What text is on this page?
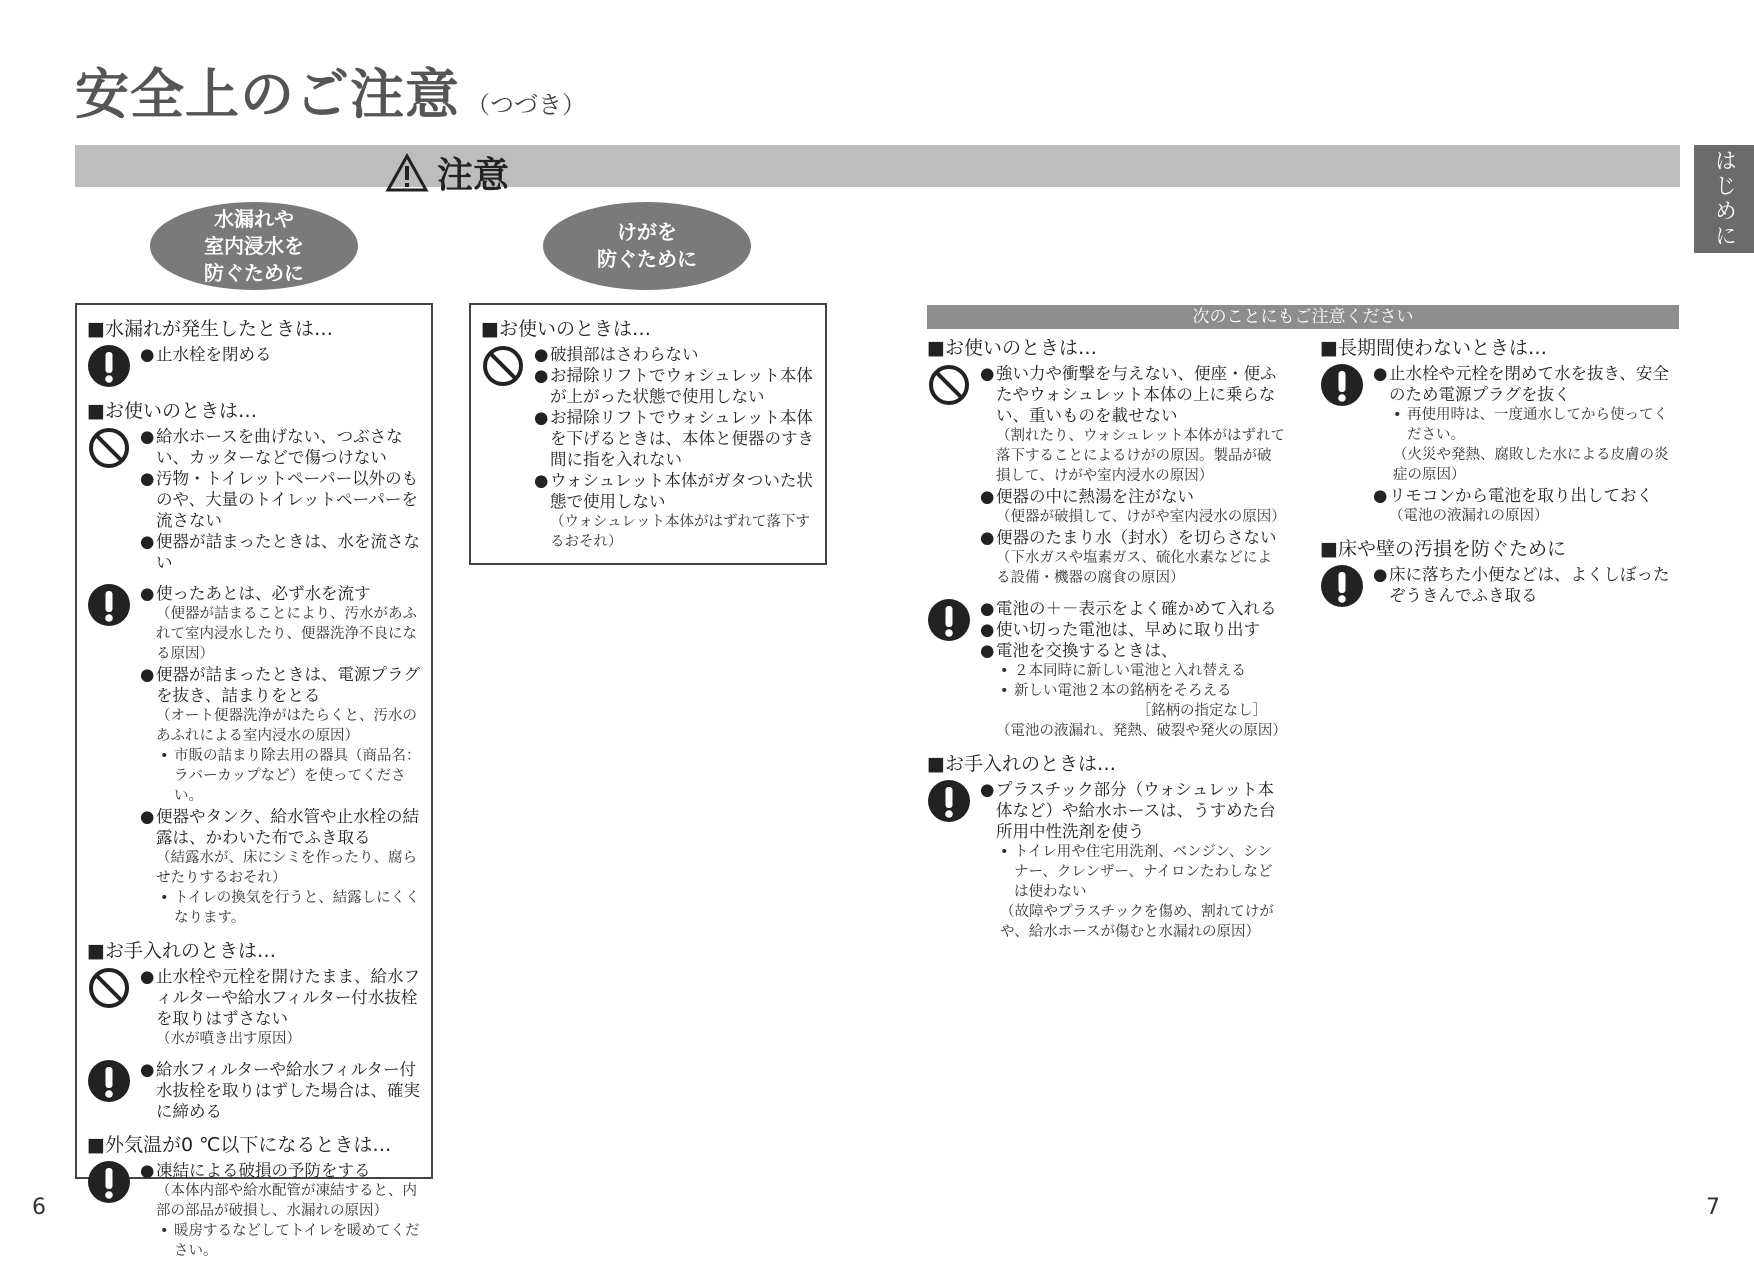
安全上のご注意 （つづき）
注意	はじめに
水漏れや
室内浸水を
防ぐために
けがを
防ぐために
次のことにもご注意ください
■水漏れが発生したときは…
● 止水栓を閉める
■お使いのときは…
● 給水ホースを曲げない、つぶさない、カッターなどで傷つけない
● 汚物・トイレットペーパー以外のものや、大量のトイレットペーパーを流さない
● 便器が詰まったときは、水を流さない
● 使ったあとは、必ず水を流す
（便器が詰まることにより、汚水があふれて室内浸水したり、便器洗浄不良になる原因）
● 便器が詰まったときは、電源プラグを抜き、詰まりをとる
（オート便器洗浄がはたらくと、汚水のあふれによる室内浸水の原因）
• 市販の詰まり除去用の器具（商品名：ラバーカップなど）を使ってください。
● 便器やタンク、給水管や止水栓の結露は、かわいた布でふき取る
（結露水が、床にシミを作ったり、腐らせたりするおそれ）
• トイレの換気を行うと、結露しにくくなります。
■お手入れのときは…
● 止水栓や元栓を開けたまま、給水フィルターや給水フィルター付水抜栓を取りはずさない
（水が噴き出す原因）
● 給水フィルターや給水フィルター付水抜栓を取りはずした場合は、確実に締める
■外気温が0 ℃以下になるときは…
● 凍結による破損の予防をする
（本体内部や給水配管が凍結すると、内部の部品が破損し、水漏れの原因）
• 暖房するなどしてトイレを暖めてください。
■お使いのときは…
● 破損部はさわらない
● お掃除リフトでウォシュレット本体が上がった状態で使用しない
● お掃除リフトでウォシュレット本体を下げるときは、本体と便器のすき間に指を入れない
● ウォシュレット本体がガタついた状態で使用しない
（ウォシュレット本体がはずれて落下するおそれ）
■お使いのときは…
● 強い力や衝撃を与えない、便座・便ふたやウォシュレット本体の上に乗らない、重いものを載せない
（割れたり、ウォシュレット本体がはずれて落下することによるけがの原因。製品が破損して、けがや室内浸水の原因）
● 便器の中に熱湯を注がない
（便器が破損して、けがや室内浸水の原因）
● 便器のたまり水（封水）を切らさない
（下水ガスや塩素ガス、硫化水素などによる設備・機器の腐食の原因）
● 電池の＋－表示をよく確かめて入れる
● 使い切った電池は、早めに取り出す
● 電池を交換するときは、
• ２本同時に新しい電池と入れ替える
• 新しい電池２本の銘柄をそろえる
［銘柄の指定なし］
（電池の液漏れ、発熱、破裂や発火の原因）
■お手入れのときは…
● プラスチック部分（ウォシュレット本体など）や給水ホースは、うすめた台所用中性洗剤を使う
• トイレ用や住宅用洗剤、ベンジン、シンナー、クレンザー、ナイロンたわしなどは使わない
（故障やプラスチックを傷め、割れてけがや、給水ホースが傷むと水漏れの原因）
■長期間使わないときは…
● 止水栓や元栓を閉めて水を抜き、安全のため電源プラグを抜く
• 再使用時は、一度通水してから使ってください。
（火災や発熱、腐敗した水による皮膚の炎症の原因）
● リモコンから電池を取り出しておく
（電池の液漏れの原因）
■床や壁の汚損を防ぐために
● 床に落ちた小便などは、よくしぼったぞうきんでふき取る
6	7
